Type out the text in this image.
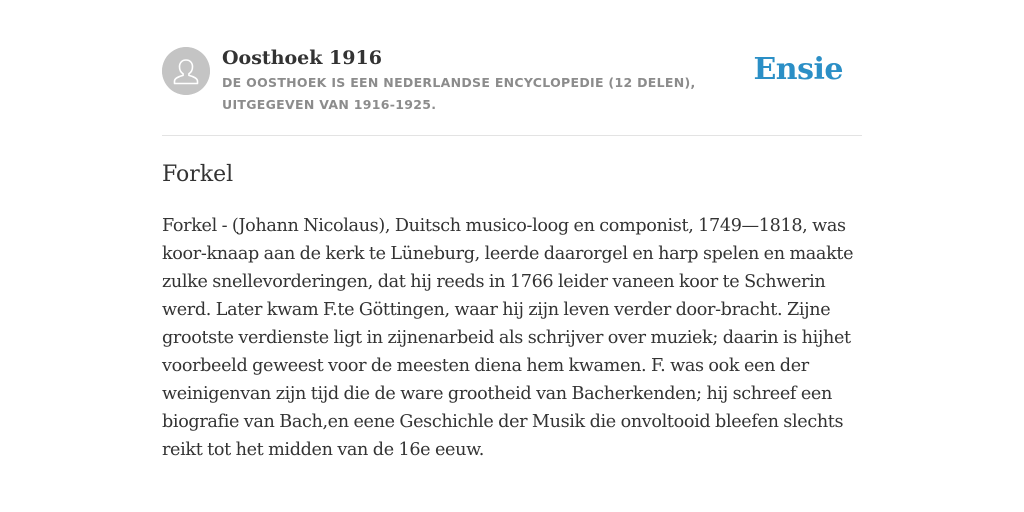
Oosthoek 1916

DE OOSTHOEK IS EEN NEDERLANDSE ENCYCLOPEDIE (12 DELEN), UITGEGEVEN VAN 1916-1925.

Ensie
Forkel

Forkel - (Johann Nicolaus), Duitsch musico-loog en componist, 1749—1818, was koor-knaap aan de kerk te Lüneburg, leerde daarorgel en harp spelen en maakte zulke snellevorderingen, dat hij reeds in 1766 leider vaneen koor te Schwerin werd. Later kwam F.te Göttingen, waar hij zijn leven verder door-bracht. Zijne grootste verdienste ligt in zijnenarbeid als schrijver over muziek; daarin is hijhet voorbeeld geweest voor de meesten diena hem kwamen. F. was ook een der weinigenvan zijn tijd die de ware grootheid van Bacherkenden; hij schreef een biografie van Bach,en eene Geschichle der Musik die onvoltooid bleefen slechts reikt tot het midden van de 16e eeuw.
